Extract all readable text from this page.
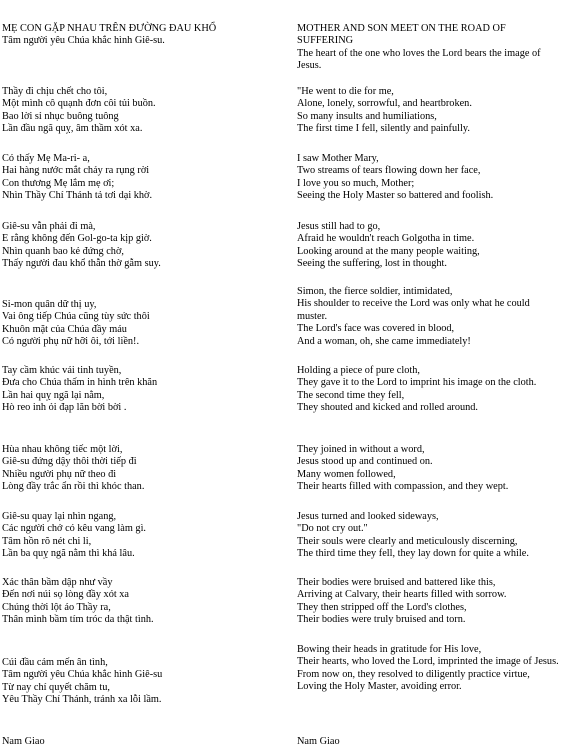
MẸ CON GẶP NHAU TRÊN ĐƯỜNG ĐAU KHỔ

Tâm người yêu Chúa khắc hình Giê-su.

Thầy đi chịu chết cho tôi,
Một mình cô quạnh đơn côi tủi buồn.
Bao lời sỉ nhục buông tuông
Lần đầu ngã quỵ, âm thầm xót xa.
Có thấy Mẹ Ma-ri- a,
Hai hàng nước mắt chảy ra rụng rời
Con thương Mẹ lắm mẹ ơi;
Nhìn Thầy Chí Thánh tả tơi dại khờ.
Giê-su vẫn phải đi mà,
E rằng không đến Gol-go-ta kịp giờ.
Nhìn quanh bao kẻ đứng chờ,
Thấy người đau khổ thẫn thờ gẫm suy.
Si-mon quân dữ thị uy,
Vai ông tiếp Chúa cũng tùy sức thôi
Khuôn mặt của Chúa đầy máu
Có người phụ nữ hỡi ôi, tới liền!.
Tay cầm khúc vải tinh tuyền,
Đưa cho Chúa thấm in hình trên khăn
Lần hai quỵ ngã lại nằm,
Hò reo inh ỏi đạp lăn bời bời .
Hùa nhau không tiếc một lời,
Giê-su đứng dậy thôi thời tiếp đi
Nhiều người phụ nữ theo đi
Lòng đầy trắc ẩn rồi thì khóc than.
Giê-su quay lại nhìn ngang,
Các người chớ có kêu vang làm gì.
Tâm hồn rõ nét chi li,
Lần ba quỵ ngã nằm thì khá lâu.
Xác thân bầm dập như vầy
Đến nơi núi sọ lòng đầy xót xa
Chúng thời lột áo Thầy ra,
Thân mình bầm tím tróc da thật tình.
Cúi đầu cảm mến ân tình,
Tâm người yêu Chúa khắc hình Giê-su
Từ nay chí quyết chăm tu,
Yêu Thầy Chí Thánh, tránh xa lỗi lầm.
Nam Giao

MOTHER AND SON MEET ON THE ROAD OF SUFFERING

The heart of the one who loves the Lord bears the image of Jesus.

"He went to die for me,
Alone, lonely, sorrowful, and heartbroken.
So many insults and humiliations,
The first time I fell, silently and painfully.
I saw Mother Mary,
Two streams of tears flowing down her face,
I love you so much, Mother;
Seeing the Holy Master so battered and foolish.
Jesus still had to go,
Afraid he wouldn't reach Golgotha in time.
Looking around at the many people waiting,
Seeing the suffering, lost in thought.
Simon, the fierce soldier, intimidated,
His shoulder to receive the Lord was only what he could muster.
The Lord's face was covered in blood,
And a woman, oh, she came immediately!
Holding a piece of pure cloth,
They gave it to the Lord to imprint his image on the cloth.
The second time they fell,
They shouted and kicked and rolled around.
They joined in without a word,
Jesus stood up and continued on.
Many women followed,
Their hearts filled with compassion, and they wept.
Jesus turned and looked sideways,
"Do not cry out."
Their souls were clearly and meticulously discerning,
The third time they fell, they lay down for quite a while.
Their bodies were bruised and battered like this,
Arriving at Calvary, their hearts filled with sorrow.
They then stripped off the Lord's clothes,
Their bodies were truly bruised and torn.
Bowing their heads in gratitude for His love,
Their hearts, who loved the Lord, imprinted the image of Jesus.
From now on, they resolved to diligently practice virtue,
Loving the Holy Master, avoiding error.
Nam Giao
